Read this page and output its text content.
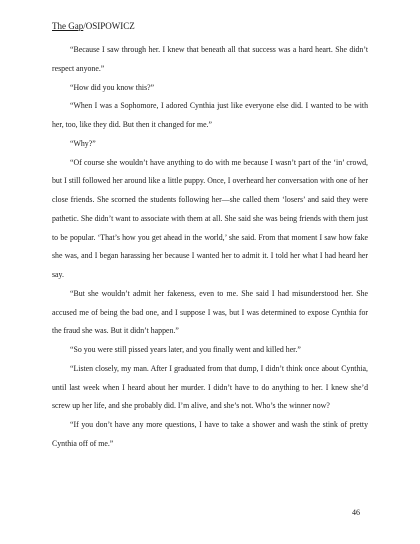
The Gap/OSIPOWICZ

“Because I saw through her. I knew that beneath all that success was a hard heart. She didn’t respect anyone.”

“How did you know this?”

“When I was a Sophomore, I adored Cynthia just like everyone else did. I wanted to be with her, too, like they did. But then it changed for me.”

“Why?”

“Of course she wouldn’t have anything to do with me because I wasn’t part of the ‘in’ crowd, but I still followed her around like a little puppy. Once, I overheard her conversation with one of her close friends. She scorned the students following her—she called them ‘losers’ and said they were pathetic. She didn’t want to associate with them at all. She said she was being friends with them just to be popular. ‘That’s how you get ahead in the world,’ she said. From that moment I saw how fake she was, and I began harassing her because I wanted her to admit it. I told her what I had heard her say.

“But she wouldn’t admit her fakeness, even to me. She said I had misunderstood her. She accused me of being the bad one, and I suppose I was, but I was determined to expose Cynthia for the fraud she was. But it didn’t happen.”

“So you were still pissed years later, and you finally went and killed her.”

“Listen closely, my man. After I graduated from that dump, I didn’t think once about Cynthia, until last week when I heard about her murder. I didn’t have to do anything to her. I knew she’d screw up her life, and she probably did. I’m alive, and she’s not. Who’s the winner now?

“If you don’t have any more questions, I have to take a shower and wash the stink of pretty Cynthia off of me.”

46
